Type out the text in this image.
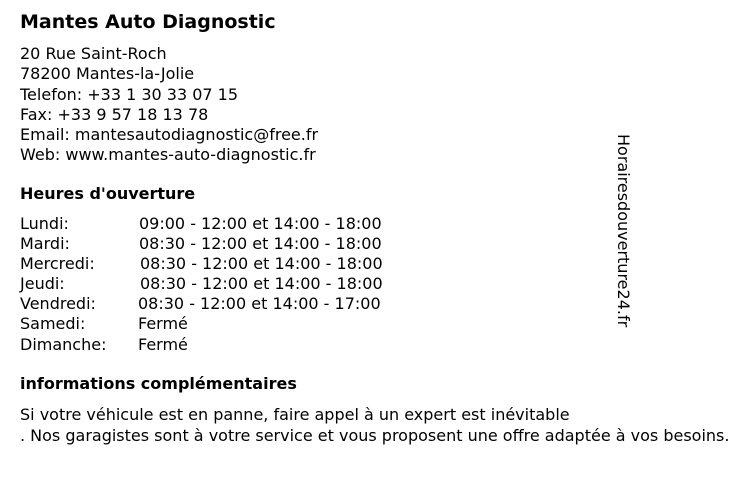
Mantes Auto Diagnostic
20 Rue Saint-Roch
78200 Mantes-la-Jolie
Telefon: +33 1 30 33 07 15
Fax: +33 9 57 18 13 78
Email: mantesautodiagnostic@free.fr
Web: www.mantes-auto-diagnostic.fr
Heures d'ouverture
Lundi:	09:00 - 12:00 et 14:00 - 18:00
Mardi:	08:30 - 12:00 et 14:00 - 18:00
Mercredi:	08:30 - 12:00 et 14:00 - 18:00
Jeudi:	08:30 - 12:00 et 14:00 - 18:00
Vendredi:	08:30 - 12:00 et 14:00 - 17:00
Samedi:	Fermé
Dimanche: Fermé
informations complémentaires
Si votre véhicule est en panne, faire appel à un expert est inévitable
. Nos garagistes sont à votre service et vous proposent une offre adaptée à vos besoins.
Horairesdouverture24.fr
